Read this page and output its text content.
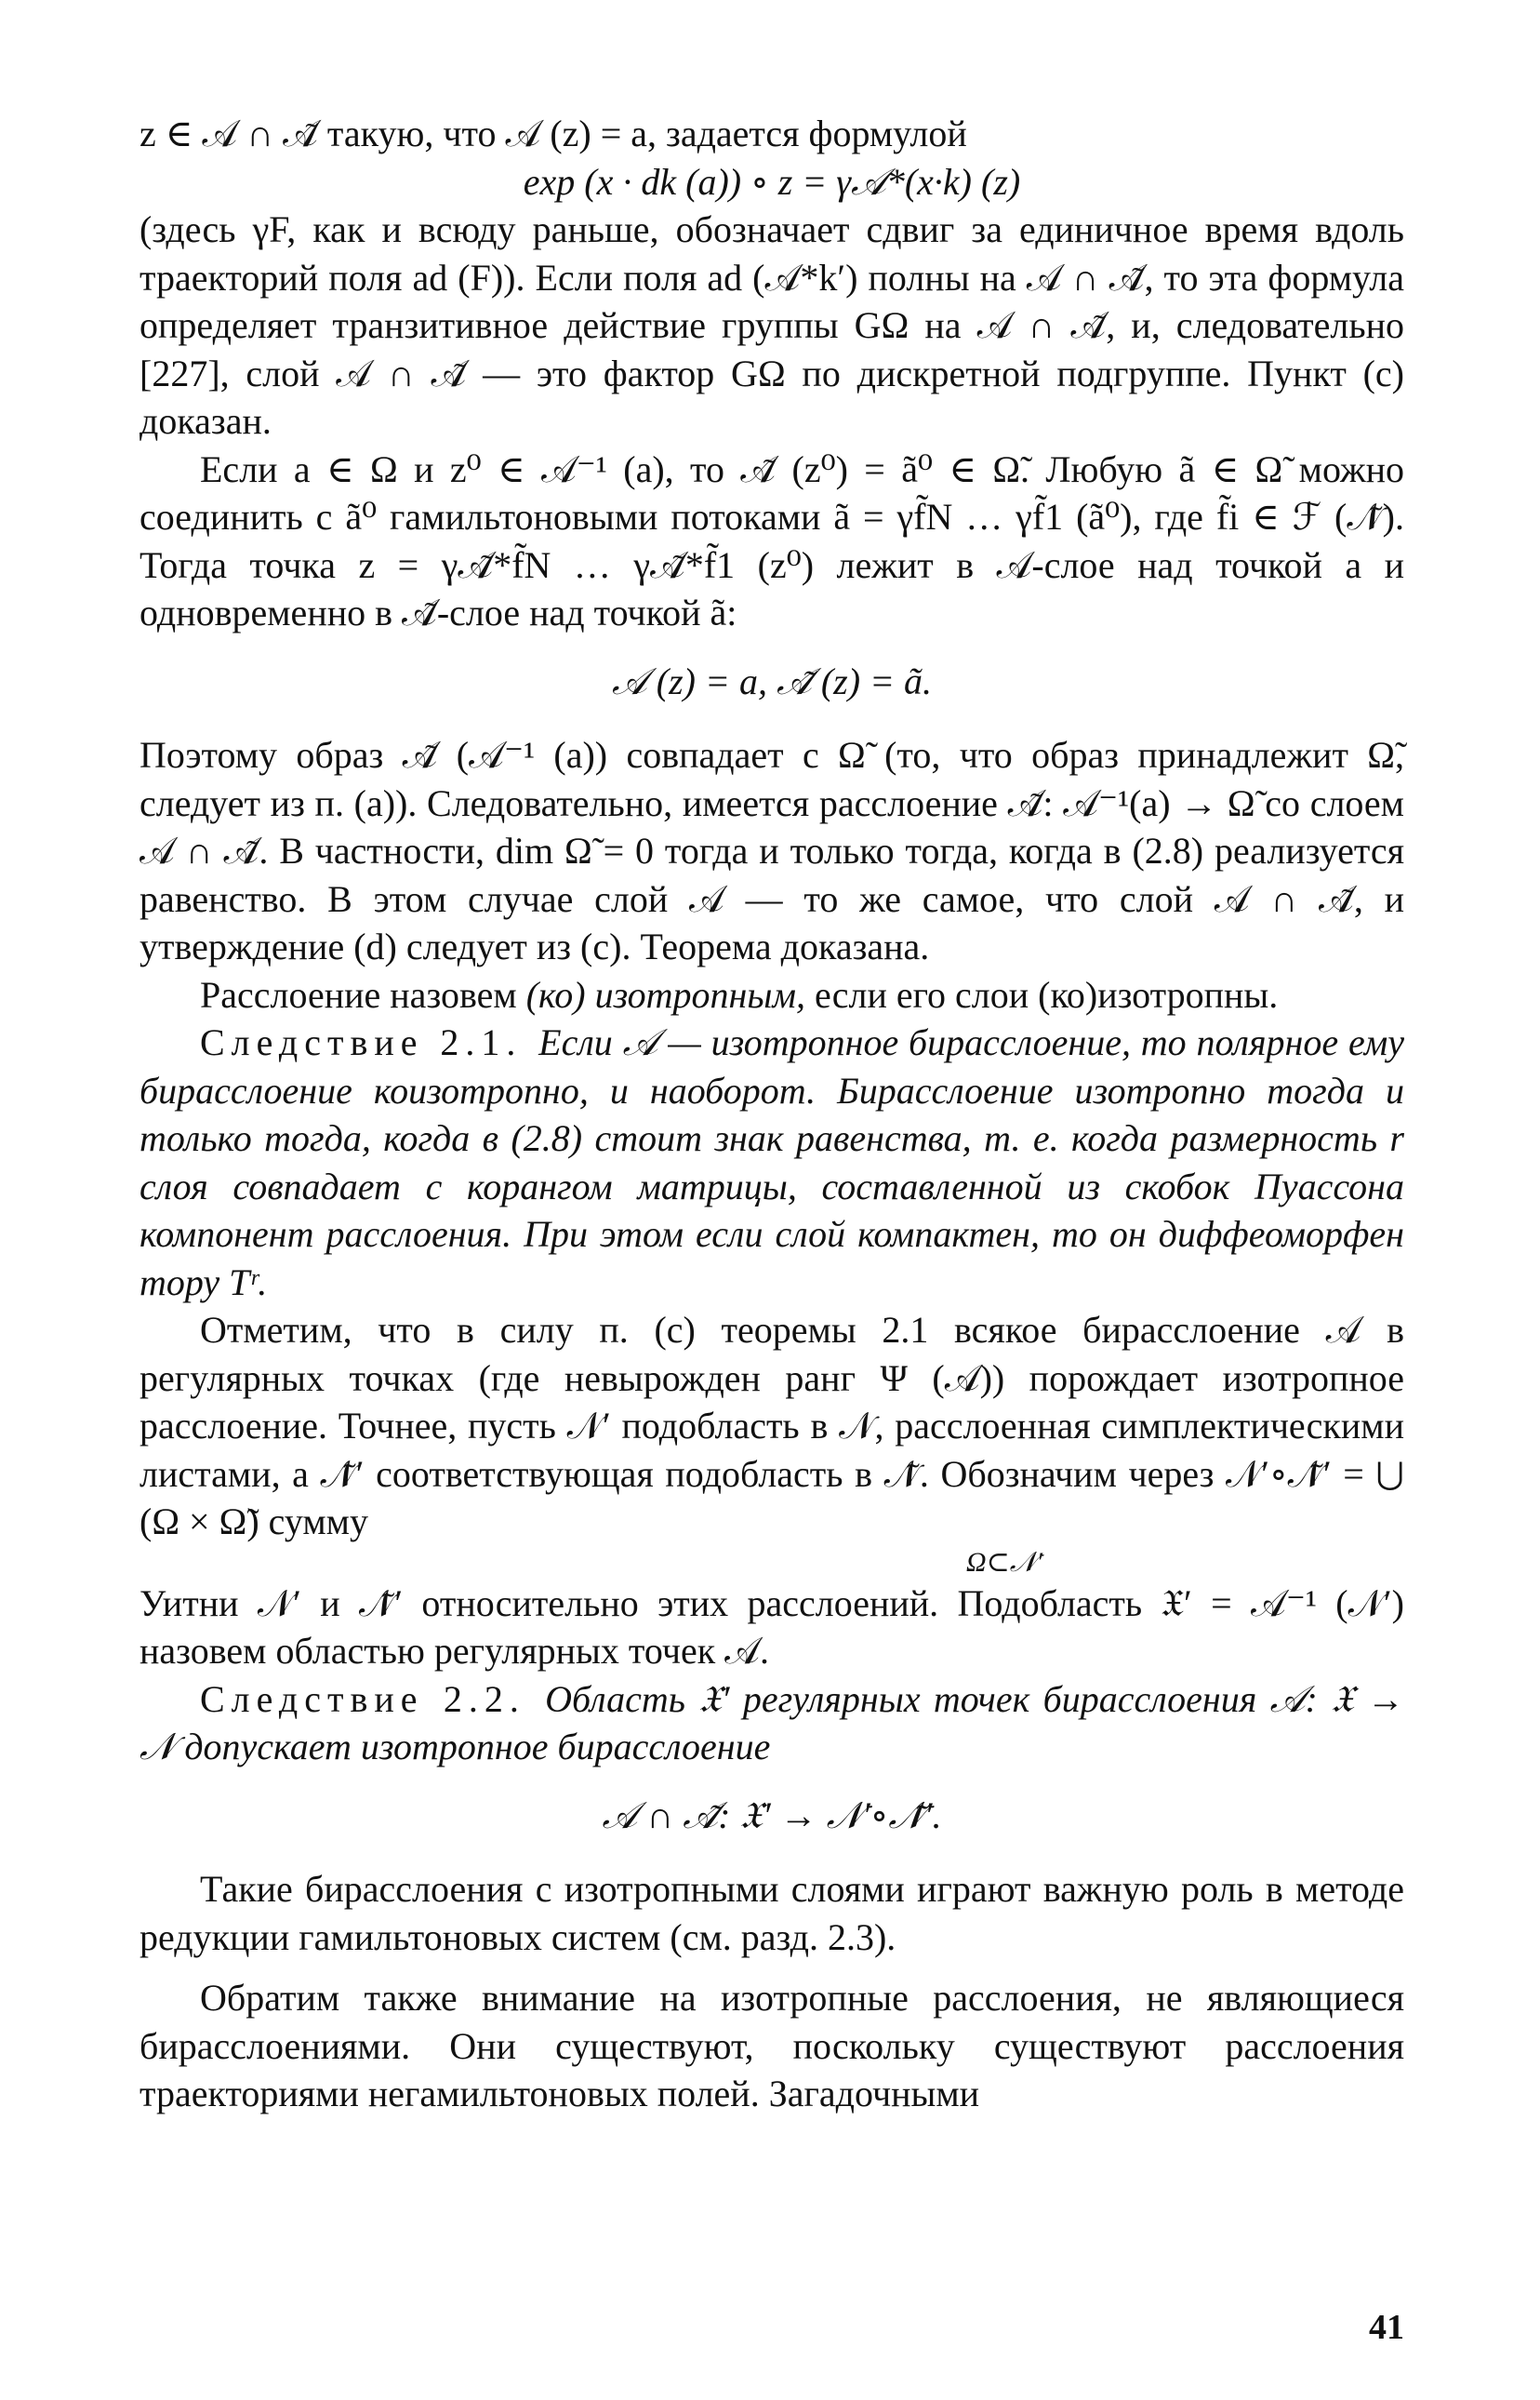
z ∈ 𝒜 ∩ 𝒜̃ такую, что 𝒜 (z) = a, задается формулой

exp (x · dk (a)) ∘ z = γ𝒜*(x·k) (z)

(здесь γF, как и всюду раньше, обозначает сдвиг за единичное время вдоль траекторий поля ad (F)). Если поля ad (𝒜*k′) полны на 𝒜 ∩ 𝒜̃, то эта формула определяет транзитивное действие группы GΩ на 𝒜 ∩ 𝒜̃, и, следовательно [227], слой 𝒜 ∩ 𝒜̃ — это фактор GΩ по дискретной подгруппе. Пункт (с) доказан.

Если a ∈ Ω и z⁰ ∈ 𝒜⁻¹ (a), то 𝒜̃ (z⁰) = ã⁰ ∈ Ω̃. Любую ã ∈ Ω̃ можно соединить с ã⁰ гамильтоновыми потоками ã = γf̃N … γf̃1 (ã⁰), где f̃i ∈ ℱ (𝒩̃). Тогда точка z = γ𝒜̃*f̃N … γ𝒜̃*f̃1 (z⁰) лежит в 𝒜-слое над точкой a и одновременно в 𝒜̃-слое над точкой ã:

𝒜 (z) = a, 𝒜̃ (z) = ã.

Поэтому образ 𝒜̃ (𝒜⁻¹ (a)) совпадает с Ω̃ (то, что образ принадлежит Ω̃, следует из п. (а)). Следовательно, имеется расслоение 𝒜̃: 𝒜⁻¹(a) → Ω̃ со слоем 𝒜 ∩ 𝒜̃. В частности, dim Ω̃ = 0 тогда и только тогда, когда в (2.8) реализуется равенство. В этом случае слой 𝒜 — то же самое, что слой 𝒜 ∩ 𝒜̃, и утверждение (d) следует из (с). Теорема доказана.

Расслоение назовем (ко) изотропным, если его слои (ко)изотропны.

Следствие 2.1. Если 𝒜 — изотропное бирасслоение, то полярное ему бирасслоение коизотропно, и наоборот. Бирасслоение изотропно тогда и только тогда, когда в (2.8) стоит знак равенства, т. е. когда размерность r слоя совпадает с корангом матрицы, составленной из скобок Пуассона компонент расслоения. При этом если слой компактен, то он диффеоморфен тору Tʳ.

Отметим, что в силу п. (с) теоремы 2.1 всякое бирасслоение 𝒜 в регулярных точках (где невырожден ранг Ψ (𝒜)) порождает изотропное расслоение. Точнее, пусть 𝒩′ подобласть в 𝒩, расслоенная симплектическими листами, а 𝒩̃′ соответствующая подобласть в 𝒩̃. Обозначим через 𝒩′∘𝒩̃′ = ⋃ (Ω × Ω̃) сумму

Ω⊂𝒩′

Уитни 𝒩′ и 𝒩̃′ относительно этих расслоений. Подобласть 𝔛′ = 𝒜⁻¹ (𝒩′) назовем областью регулярных точек 𝒜.

Следствие 2.2. Область 𝔛′ регулярных точек бирасслоения 𝒜: 𝔛 → 𝒩 допускает изотропное бирасслоение

𝒜 ∩ 𝒜̃: 𝔛′ → 𝒩′∘𝒩̃′.

Такие бирасслоения с изотропными слоями играют важную роль в методе редукции гамильтоновых систем (см. разд. 2.3).

Обратим также внимание на изотропные расслоения, не являющиеся бирасслоениями. Они существуют, поскольку существуют расслоения траекториями негамильтоновых полей. Загадочными

41
